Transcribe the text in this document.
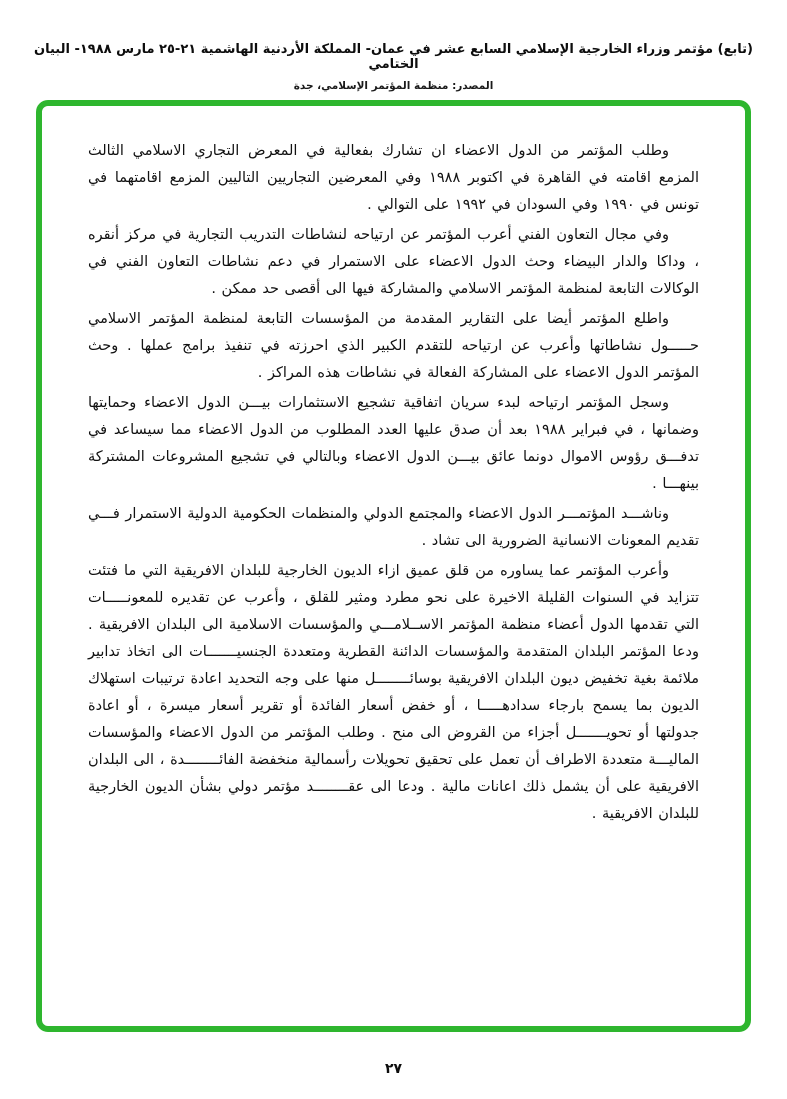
(تابع) مؤتمر وزراء الخارجية الإسلامي السابع عشر في عمان- المملكة الأردنية الهاشمية ٢١-٢٥ مارس ١٩٨٨- البيان الختامي
المصدر: منظمة المؤتمر الإسلامي، جدة

وطلب المؤتمر من الدول الاعضاء ان تشارك بفعالية في المعرض التجاري الاسلامي الثالث المزمع اقامته في القاهرة في اكتوبر ١٩٨٨ وفي المعرضين التجاريين التاليين المزمع اقامتهما في تونس في ١٩٩٠ وفي السودان في ١٩٩٢ على التوالي .

وفي مجال التعاون الفني أعرب المؤتمر عن ارتياحه لنشاطات التدريب التجارية في مركز أنقره ، وداكا والدار البيضاء وحث الدول الاعضاء على الاستمرار في دعم نشاطات التعاون الفني في الوكالات التابعة لمنظمة المؤتمر الاسلامي والمشاركة فيها الى أقصى حد ممكن .

واطلع المؤتمر أيضا على التقارير المقدمة من المؤسسات التابعة لمنظمة المؤتمر الاسلامي حـــــول نشاطاتها وأعرب عن ارتياحه للتقدم الكبير الذي احرزته في تنفيذ برامج عملها . وحث المؤتمر الدول الاعضاء على المشاركة الفعالة في نشاطات هذه المراكز .

وسجل المؤتمر ارتياحه لبدء سريان اتفاقية تشجيع الاستثمارات بيـــن الدول الاعضاء وحمايتها وضمانها ، في فبراير ١٩٨٨ بعد أن صدق عليها العدد المطلوب من الدول الاعضاء مما سيساعد في تدفـــق رؤوس الاموال دونما عائق بيـــن الدول الاعضاء وبالتالي في تشجيع المشروعات المشتركة بينهـــا .

وناشـــد المؤتمـــر الدول الاعضاء والمجتمع الدولي والمنظمات الحكومية الدولية الاستمرار فـــي تقديم المعونات الانسانية الضرورية الى تشاد .

وأعرب المؤتمر عما يساوره من قلق عميق ازاء الديون الخارجية للبلدان الافريقية التي ما فتئت تتزايد في السنوات القليلة الاخيرة على نحو مطرد ومثير للقلق ، وأعرب عن تقديره للمعونـــــات التي تقدمها الدول أعضاء منظمة المؤتمر الاســلامـــي والمؤسسات الاسلامية الى البلدان الافريقية . ودعا المؤتمر البلدان المتقدمة والمؤسسات الدائنة القطرية ومتعددة الجنسيـــــــات الى اتخاذ تدابير ملائمة بغية تخفيض ديون البلدان الافريقية بوسائــــــــل منها على وجه التحديد اعادة ترتيبات استهلاك الديون بما يسمح بارجاء سدادهـــــا ، أو خفض أسعار الفائدة أو تقرير أسعار ميسرة ، أو اعادة جدولتها أو تحويـــــــل أجزاء من القروض الى منح . وطلب المؤتمر من الدول الاعضاء والمؤسسات الماليـــة متعددة الاطراف أن تعمل على تحقيق تحويلات رأسمالية منخفضة الفائــــــــدة ، الى البلدان الافريقية على أن يشمل ذلك اعانات مالية . ودعا الى عقــــــــد مؤتمر دولي بشأن الديون الخارجية للبلدان الافريقية .

٢٧
